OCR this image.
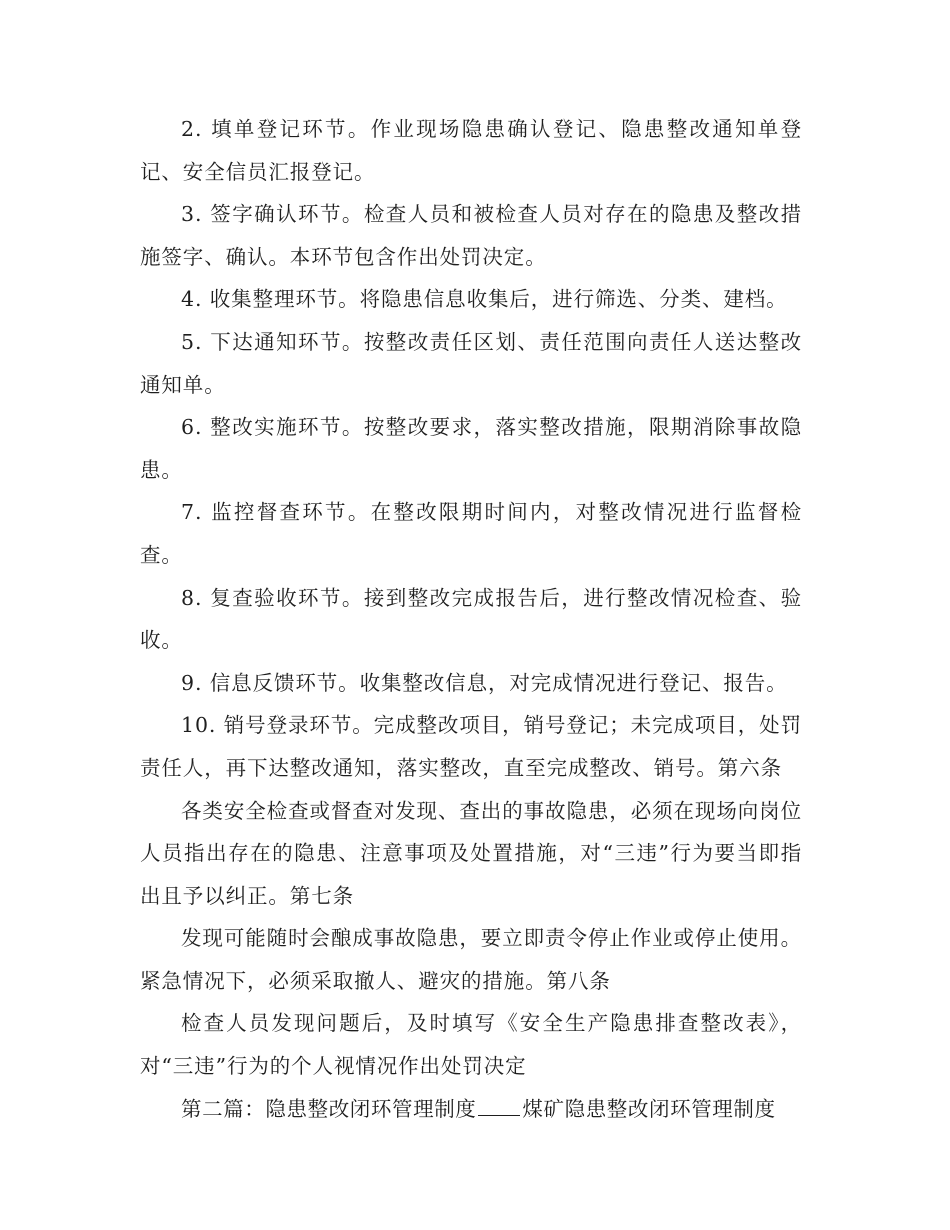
2. 填单登记环节。作业现场隐患确认登记、隐患整改通知单登记、安全信员汇报登记。

3. 签字确认环节。检查人员和被检查人员对存在的隐患及整改措施签字、确认。本环节包含作出处罚决定。

4. 收集整理环节。将隐患信息收集后，进行筛选、分类、建档。

5. 下达通知环节。按整改责任区划、责任范围向责任人送达整改通知单。

6. 整改实施环节。按整改要求，落实整改措施，限期消除事故隐患。

7. 监控督查环节。在整改限期时间内，对整改情况进行监督检查。

8. 复查验收环节。接到整改完成报告后，进行整改情况检查、验收。

9. 信息反馈环节。收集整改信息，对完成情况进行登记、报告。

10. 销号登录环节。完成整改项目，销号登记；未完成项目，处罚责任人，再下达整改通知，落实整改，直至完成整改、销号。第六条

各类安全检查或督查对发现、查出的事故隐患，必须在现场向岗位人员指出存在的隐患、注意事项及处置措施，对“三违”行为要当即指出且予以纠正。第七条

发现可能随时会酿成事故隐患，要立即责令停止作业或停止使用。紧急情况下，必须采取撤人、避灾的措施。第八条

检查人员发现问题后，及时填写《安全生产隐患排查整改表》，对“三违”行为的个人视情况作出处罚决定

第二篇：隐患整改闭环管理制度 煤矿隐患整改闭环管理制度
